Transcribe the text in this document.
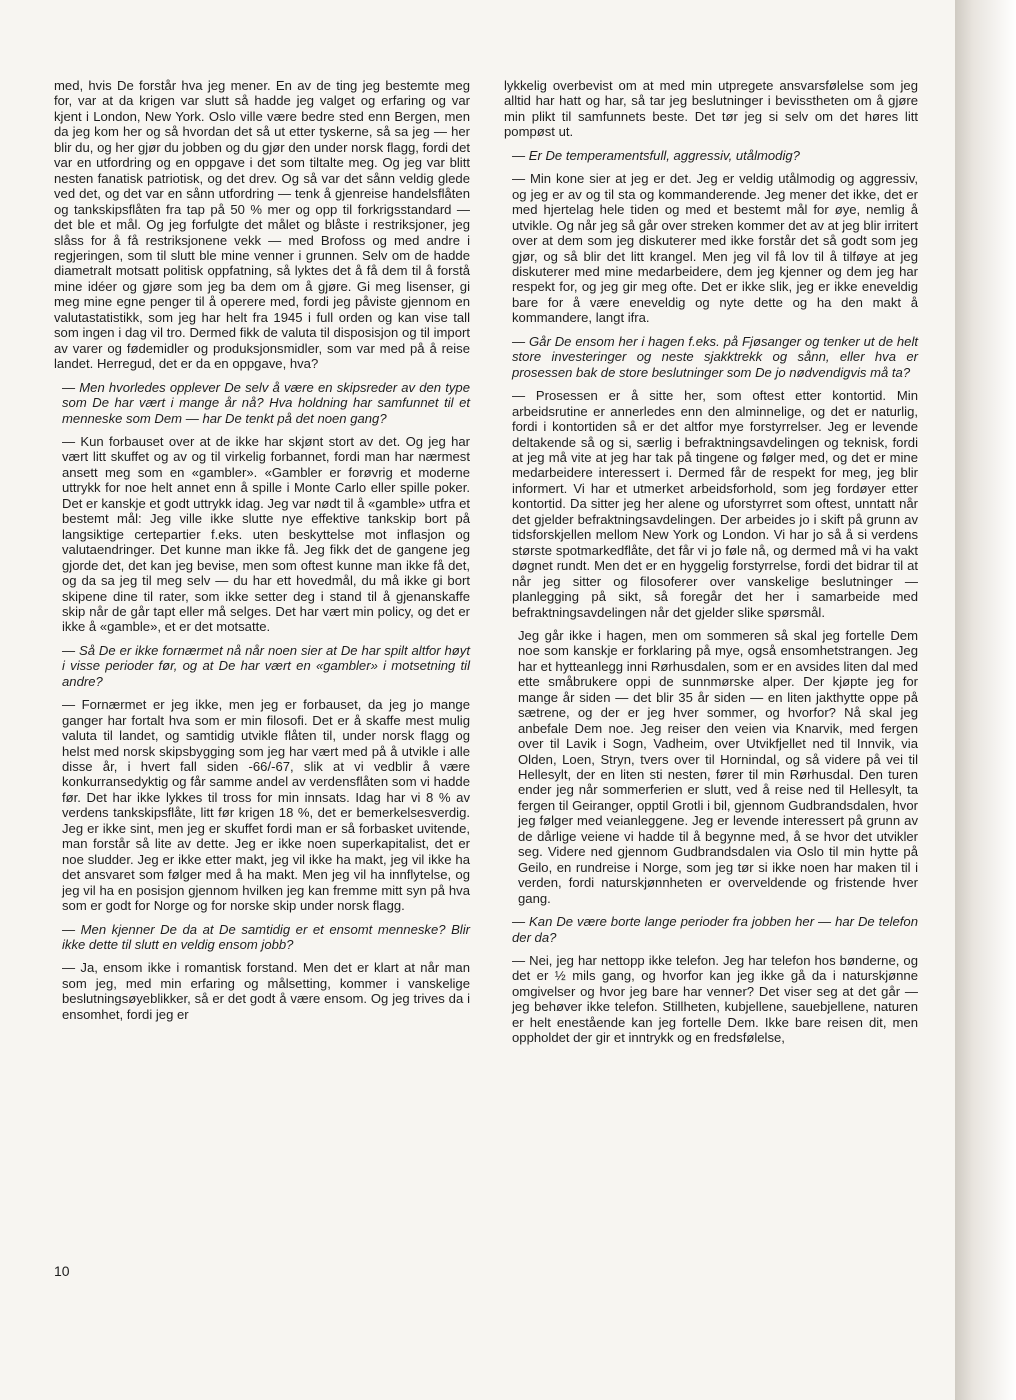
med, hvis De forstår hva jeg mener. En av de ting jeg bestemte meg for, var at da krigen var slutt så hadde jeg valget og erfaring og var kjent i London, New York. Oslo ville være bedre sted enn Bergen, men da jeg kom her og så hvordan det så ut etter tyskerne, så sa jeg — her blir du, og her gjør du jobben og du gjør den under norsk flagg, fordi det var en utfordring og en oppgave i det som tiltalte meg. Og jeg var blitt nesten fanatisk patriotisk, og det drev. Og så var det sånn veldig glede ved det, og det var en sånn utfordring — tenk å gjenreise handelsflåten og tankskipsflåten fra tap på 50 % mer og opp til forkrigsstandard — det ble et mål. Og jeg forfulgte det målet og blåste i restriksjoner, jeg slåss for å få restriksjonene vekk — med Brofoss og med andre i regjeringen, som til slutt ble mine venner i grunnen. Selv om de hadde diametralt motsatt politisk oppfatning, så lyktes det å få dem til å forstå mine idéer og gjøre som jeg ba dem om å gjøre. Gi meg lisenser, gi meg mine egne penger til å operere med, fordi jeg påviste gjennom en valutastatistikk, som jeg har helt fra 1945 i full orden og kan vise tall som ingen i dag vil tro. Dermed fikk de valuta til disposisjon og til import av varer og fødemidler og produksjonsmidler, som var med på å reise landet. Herregud, det er da en oppgave, hva?

— Men hvorledes opplever De selv å være en skipsreder av den type som De har vært i mange år nå? Hva holdning har samfunnet til et menneske som Dem — har De tenkt på det noen gang?

— Kun forbauset over at de ikke har skjønt stort av det. Og jeg har vært litt skuffet og av og til virkelig forbannet, fordi man har nærmest ansett meg som en «gambler». «Gambler er forøvrig et moderne uttrykk for noe helt annet enn å spille i Monte Carlo eller spille poker. Det er kanskje et godt uttrykk idag. Jeg var nødt til å «gamble» utfra et bestemt mål: Jeg ville ikke slutte nye effektive tankskip bort på langsiktige certepartier f.eks. uten beskyttelse mot inflasjon og valutaendringer. Det kunne man ikke få. Jeg fikk det de gangene jeg gjorde det, det kan jeg bevise, men som oftest kunne man ikke få det, og da sa jeg til meg selv — du har ett hovedmål, du må ikke gi bort skipene dine til rater, som ikke setter deg i stand til å gjenanskaffe skip når de går tapt eller må selges. Det har vært min policy, og det er ikke å «gamble», et er det motsatte.

— Så De er ikke fornærmet nå når noen sier at De har spilt altfor høyt i visse perioder før, og at De har vært en «gambler» i motsetning til andre?

— Fornærmet er jeg ikke, men jeg er forbauset, da jeg jo mange ganger har fortalt hva som er min filosofi. Det er å skaffe mest mulig valuta til landet, og samtidig utvikle flåten til, under norsk flagg og helst med norsk skipsbygging som jeg har vært med på å utvikle i alle disse år, i hvert fall siden -66/-67, slik at vi vedblir å være konkurransedyktig og får samme andel av verdensflåten som vi hadde før. Det har ikke lykkes til tross for min innsats. Idag har vi 8 % av verdens tankskipsflåte, litt før krigen 18 %, det er bemerkelsesverdig. Jeg er ikke sint, men jeg er skuffet fordi man er så forbasket uvitende, man forstår så lite av dette. Jeg er ikke noen superkapitalist, det er noe sludder. Jeg er ikke etter makt, jeg vil ikke ha makt, jeg vil ikke ha det ansvaret som følger med å ha makt. Men jeg vil ha innflytelse, og jeg vil ha en posisjon gjennom hvilken jeg kan fremme mitt syn på hva som er godt for Norge og for norske skip under norsk flagg.

— Men kjenner De da at De samtidig er et ensomt menneske? Blir ikke dette til slutt en veldig ensom jobb?

— Ja, ensom ikke i romantisk forstand. Men det er klart at når man som jeg, med min erfaring og målsetting, kommer i vanskelige beslutningsøyeblikker, så er det godt å være ensom. Og jeg trives da i ensomhet, fordi jeg er

lykkelig overbevist om at med min utpregete ansvarsfølelse som jeg alltid har hatt og har, så tar jeg beslutninger i bevisstheten om å gjøre min plikt til samfunnets beste. Det tør jeg si selv om det høres litt pompøst ut.

— Er De temperamentsfull, aggressiv, utålmodig?

— Min kone sier at jeg er det. Jeg er veldig utålmodig og aggressiv, og jeg er av og til sta og kommanderende. Jeg mener det ikke, det er med hjertelag hele tiden og med et bestemt mål for øye, nemlig å utvikle. Og når jeg så går over streken kommer det av at jeg blir irritert over at dem som jeg diskuterer med ikke forstår det så godt som jeg gjør, og så blir det litt krangel. Men jeg vil få lov til å tilføye at jeg diskuterer med mine medarbeidere, dem jeg kjenner og dem jeg har respekt for, og jeg gir meg ofte. Det er ikke slik, jeg er ikke eneveldig bare for å være eneveldig og nyte dette og ha den makt å kommandere, langt ifra.

— Går De ensom her i hagen f.eks. på Fjøsanger og tenker ut de helt store investeringer og neste sjakktrekk og sånn, eller hva er prosessen bak de store beslutninger som De jo nødvendigvis må ta?

— Prosessen er å sitte her, som oftest etter kontortid. Min arbeidsrutine er annerledes enn den alminnelige, og det er naturlig, fordi i kontortiden så er det altfor mye forstyrrelser. Jeg er levende deltakende så og si, særlig i befraktningsavdelingen og teknisk, fordi at jeg må vite at jeg har tak på tingene og følger med, og det er mine medarbeidere interessert i. Dermed får de respekt for meg, jeg blir informert. Vi har et utmerket arbeidsforhold, som jeg fordøyer etter kontortid. Da sitter jeg her alene og uforstyrret som oftest, unntatt når det gjelder befraktningsavdelingen. Der arbeides jo i skift på grunn av tidsforskjellen mellom New York og London. Vi har jo så å si verdens største spotmarkedflåte, det får vi jo føle nå, og dermed må vi ha vakt døgnet rundt. Men det er en hyggelig forstyrrelse, fordi det bidrar til at når jeg sitter og filosoferer over vanskelige beslutninger — planlegging på sikt, så foregår det her i samarbeide med befraktningsavdelingen når det gjelder slike spørsmål.

Jeg går ikke i hagen, men om sommeren så skal jeg fortelle Dem noe som kanskje er forklaring på mye, også ensomhetstrangen. Jeg har et hytteanlegg inni Rørhusdalen, som er en avsides liten dal med ette småbrukere oppi de sunnmørske alper. Der kjøpte jeg for mange år siden — det blir 35 år siden — en liten jakthytte oppe på sætrene, og der er jeg hver sommer, og hvorfor? Nå skal jeg anbefale Dem noe. Jeg reiser den veien via Knarvik, med fergen over til Lavik i Sogn, Vadheim, over Utvikfjellet ned til Innvik, via Olden, Loen, Stryn, tvers over til Hornindal, og så videre på vei til Hellesylt, der en liten sti nesten, fører til min Rørhusdal. Den turen ender jeg når sommerferien er slutt, ved å reise ned til Hellesylt, ta fergen til Geiranger, opptil Grotli i bil, gjennom Gudbrandsdalen, hvor jeg følger med veianleggene. Jeg er levende interessert på grunn av de dårlige veiene vi hadde til å begynne med, å se hvor det utvikler seg. Videre ned gjennom Gudbrandsdalen via Oslo til min hytte på Geilo, en rundreise i Norge, som jeg tør si ikke noen har maken til i verden, fordi naturskjønnheten er overveldende og fristende hver gang.

— Kan De være borte lange perioder fra jobben her — har De telefon der da?

— Nei, jeg har nettopp ikke telefon. Jeg har telefon hos bønderne, og det er ½ mils gang, og hvorfor kan jeg ikke gå da i naturskjønne omgivelser og hvor jeg bare har venner? Det viser seg at det går — jeg behøver ikke telefon. Stillheten, kubjellene, sauebjellene, naturen er helt enestående kan jeg fortelle Dem. Ikke bare reisen dit, men oppholdet der gir et inntrykk og en fredsfølelse,

10
